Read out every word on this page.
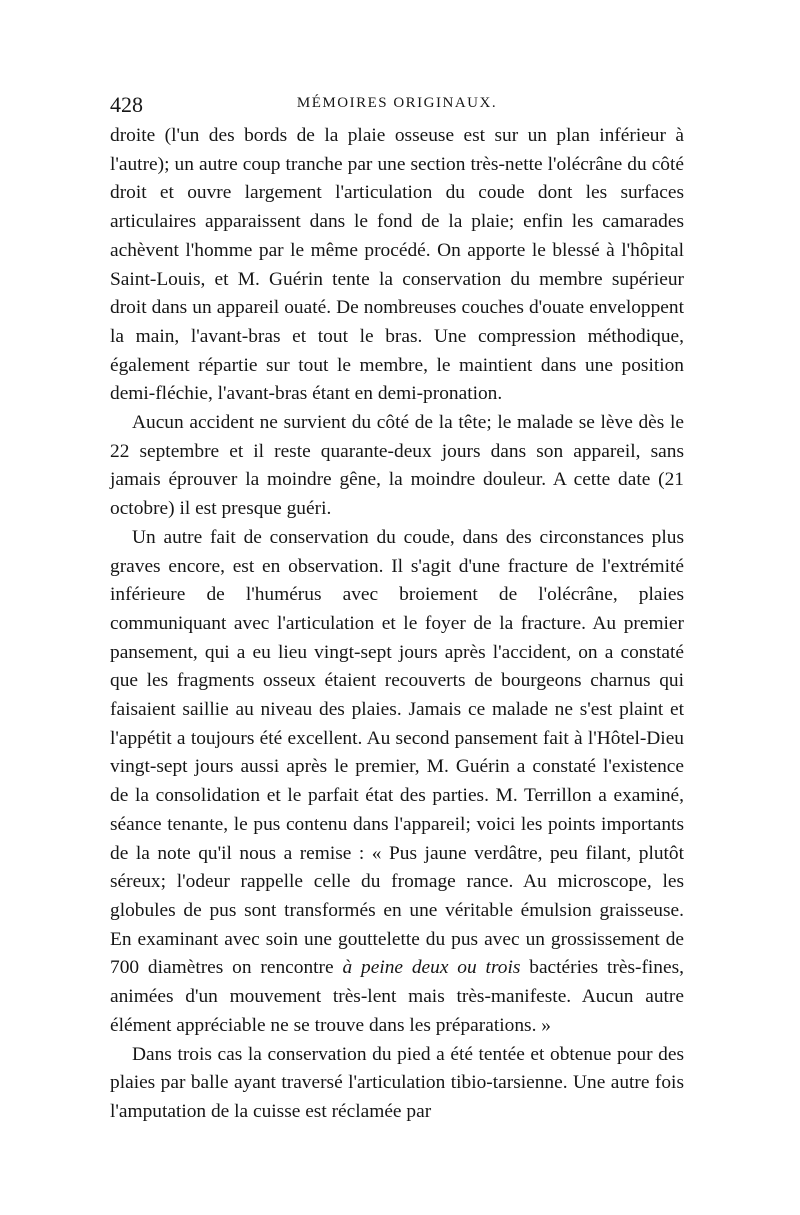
428	MÉMOIRES ORIGINAUX.

droite (l'un des bords de la plaie osseuse est sur un plan inférieur à l'autre); un autre coup tranche par une section très-nette l'olécrâne du côté droit et ouvre largement l'articulation du coude dont les surfaces articulaires apparaissent dans le fond de la plaie; enfin les camarades achèvent l'homme par le même procédé. On apporte le blessé à l'hôpital Saint-Louis, et M. Guérin tente la conservation du membre supérieur droit dans un appareil ouaté. De nombreuses couches d'ouate enveloppent la main, l'avant-bras et tout le bras. Une compression méthodique, également répartie sur tout le membre, le maintient dans une position demi-fléchie, l'avant-bras étant en demi-pronation.

Aucun accident ne survient du côté de la tête; le malade se lève dès le 22 septembre et il reste quarante-deux jours dans son appareil, sans jamais éprouver la moindre gêne, la moindre douleur. A cette date (21 octobre) il est presque guéri.

Un autre fait de conservation du coude, dans des circonstances plus graves encore, est en observation. Il s'agit d'une fracture de l'extrémité inférieure de l'humérus avec broiement de l'olécrâne, plaies communiquant avec l'articulation et le foyer de la fracture. Au premier pansement, qui a eu lieu vingt-sept jours après l'accident, on a constaté que les fragments osseux étaient recouverts de bourgeons charnus qui faisaient saillie au niveau des plaies. Jamais ce malade ne s'est plaint et l'appétit a toujours été excellent. Au second pansement fait à l'Hôtel-Dieu vingt-sept jours aussi après le premier, M. Guérin a constaté l'existence de la consolidation et le parfait état des parties. M. Terrillon a examiné, séance tenante, le pus contenu dans l'appareil; voici les points importants de la note qu'il nous a remise : « Pus jaune verdâtre, peu filant, plutôt séreux; l'odeur rappelle celle du fromage rance. Au microscope, les globules de pus sont transformés en une véritable émulsion graisseuse. En examinant avec soin une gouttelette du pus avec un grossissement de 700 diamètres on rencontre à peine deux ou trois bactéries très-fines, animées d'un mouvement très-lent mais très-manifeste. Aucun autre élément appréciable ne se trouve dans les préparations. »

Dans trois cas la conservation du pied a été tentée et obtenue pour des plaies par balle ayant traversé l'articulation tibio-tarsienne. Une autre fois l'amputation de la cuisse est réclamée par
